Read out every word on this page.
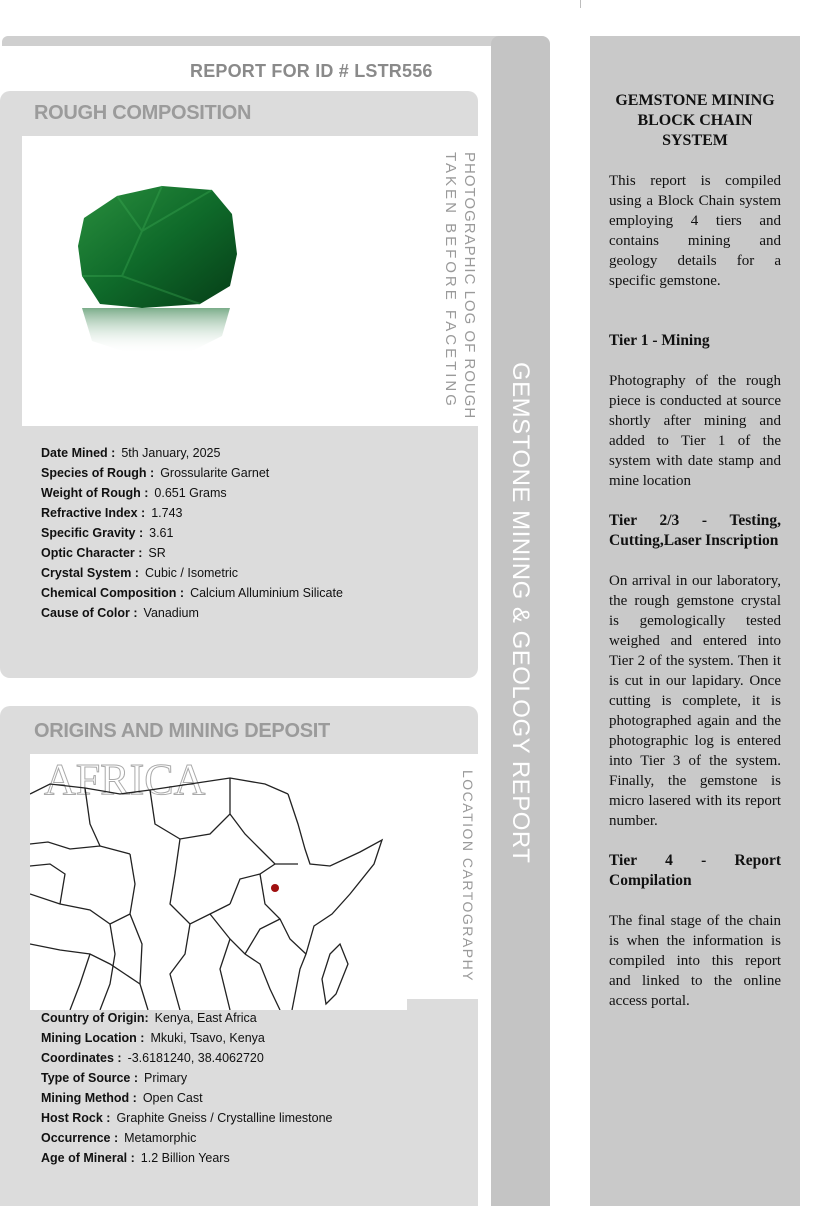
REPORT FOR ID # LSTR556
ROUGH COMPOSITION
PHOTOGRAPHIC LOG OF ROUGH
TAKEN BEFORE FACETING
Date Mined : 5th January, 2025
Species of Rough : Grossularite Garnet
Weight of Rough : 0.651 Grams
Refractive Index : 1.743
Specific Gravity : 3.61
Optic Character : SR
Crystal System : Cubic / Isometric
Chemical Composition : Calcium Alluminium Silicate
Cause of Color : Vanadium
ORIGINS AND MINING DEPOSIT
LOCATION CARTOGRAPHY
AFRICA
Country of Origin: Kenya, East Africa
Mining Location : Mkuki, Tsavo, Kenya
Coordinates : -3.6181240, 38.4062720
Type of Source : Primary
Mining Method : Open Cast
Host Rock : Graphite Gneiss / Crystalline limestone
Occurrence : Metamorphic
Age of Mineral : 1.2 Billion Years
GEMSTONE MINING & GEOLOGY REPORT
GEMSTONE MINING BLOCK CHAIN SYSTEM
This report is compiled using a Block Chain system employing 4 tiers and contains mining and geology details for a specific gemstone.
Tier 1 - Mining
Photography of the rough piece is conducted at source shortly after mining and added to Tier 1 of the system with date stamp and mine location
Tier 2/3 - Testing, Cutting,Laser Inscription
On arrival in our laboratory, the rough gemstone crystal is gemologically tested weighed and entered into Tier 2 of the system. Then it is cut in our lapidary. Once cutting is complete, it is photographed again and the photographic log is entered into Tier 3 of the system. Finally, the gemstone is micro lasered with its report number.
Tier 4 - Report Compilation
The final stage of the chain is when the information is compiled into this report and linked to the online access portal.
